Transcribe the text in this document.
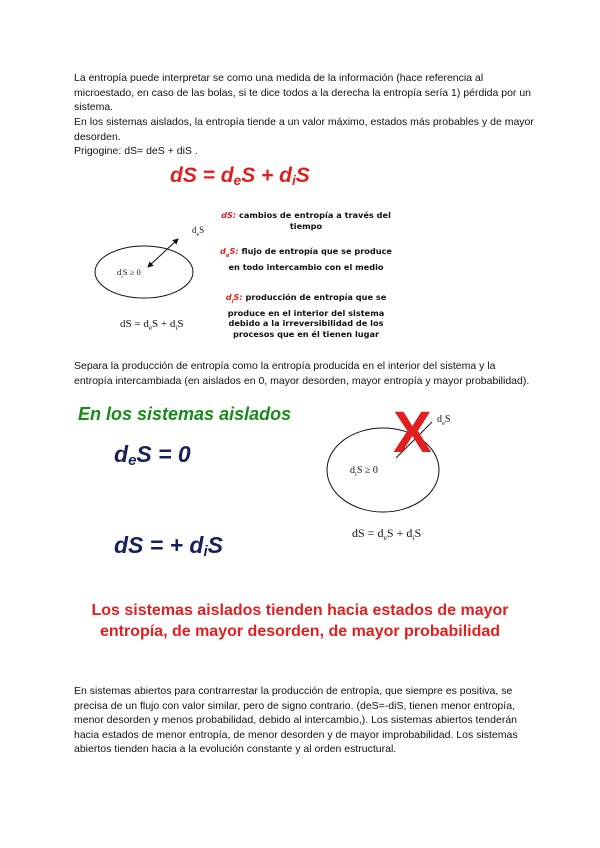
La entropía puede interpretar se como una medida de la información (hace referencia al microestado, en caso de las bolas, si te dice todos a la derecha la entropía sería 1) pérdida por un sistema.

En los sistemas aislados, la entropía tiende a un valor máximo, estados más probables y de mayor desorden.

Prigogine: dS= deS + diS .

dS = $d_eS + d_iS$
$d_eS$
$d_iS \ge 0$
dS = $d_eS + d_iS$
dS: cambios de entropía a través del tiempo
$d_eS$: flujo de entropía que se produce en todo intercambio con el medio
$d_iS$: producción de entropía que se produce en el interior del sistema debido a la irreversibilidad de los procesos que en él tienen lugar

Separa la producción de entropía como la entropía producida en el interior del sistema y la entropía intercambiada (en aislados en 0, mayor desorden, mayor entropía y mayor probabilidad).

En los sistemas aislados
$d_eS = 0$
dS = + $d_iS$
X $d_eS$
$d_iS \ge 0$
dS = $d_eS + d_iS$
Los sistemas aislados tienden hacia estados de mayor entropía, de mayor desorden, de mayor probabilidad

En sistemas abiertos para contrarrestar la producción de entropía, que siempre es positiva, se precisa de un flujo con valor similar, pero de signo contrario. (deS=-diS, tienen menor entropía, menor desorden y menos probabilidad, debido al intercambio,). Los sistemas abiertos tenderán hacia estados de menor entropía, de menor desorden y de mayor improbabilidad. Los sistemas abiertos tienden hacia a la evolución constante y al orden estructural.
